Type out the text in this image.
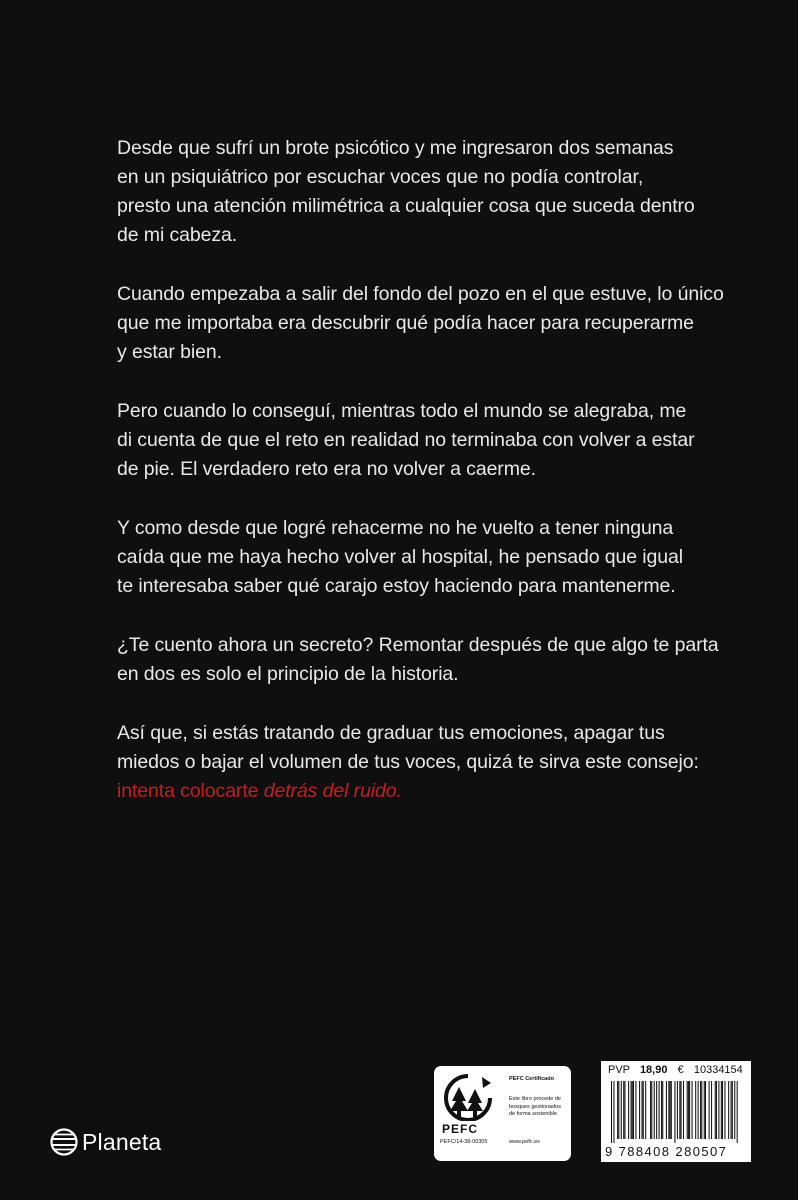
Desde que sufrí un brote psicótico y me ingresaron dos semanas
en un psiquiátrico por escuchar voces que no podía controlar,
presto una atención milimétrica a cualquier cosa que suceda dentro
de mi cabeza.

Cuando empezaba a salir del fondo del pozo en el que estuve, lo único
que me importaba era descubrir qué podía hacer para recuperarme
y estar bien.

Pero cuando lo conseguí, mientras todo el mundo se alegraba, me
di cuenta de que el reto en realidad no terminaba con volver a estar
de pie. El verdadero reto era no volver a caerme.

Y como desde que logré rehacerme no he vuelto a tener ninguna
caída que me haya hecho volver al hospital, he pensado que igual
te interesaba saber qué carajo estoy haciendo para mantenerme.

¿Te cuento ahora un secreto? Remontar después de que algo te parta
en dos es solo el principio de la historia.

Así que, si estás tratando de graduar tus emociones, apagar tus
miedos o bajar el volumen de tus voces, quizá te sirva este consejo:
intenta colocarte detrás del ruido.

Planeta	PEFC
PEFC/14-38-00305
PEFC Certificado
Este libro procede de
bosques gestionados
de forma sostenible
www.pefc.es
PVP 18,90 € 10334154
9 788408 280507
